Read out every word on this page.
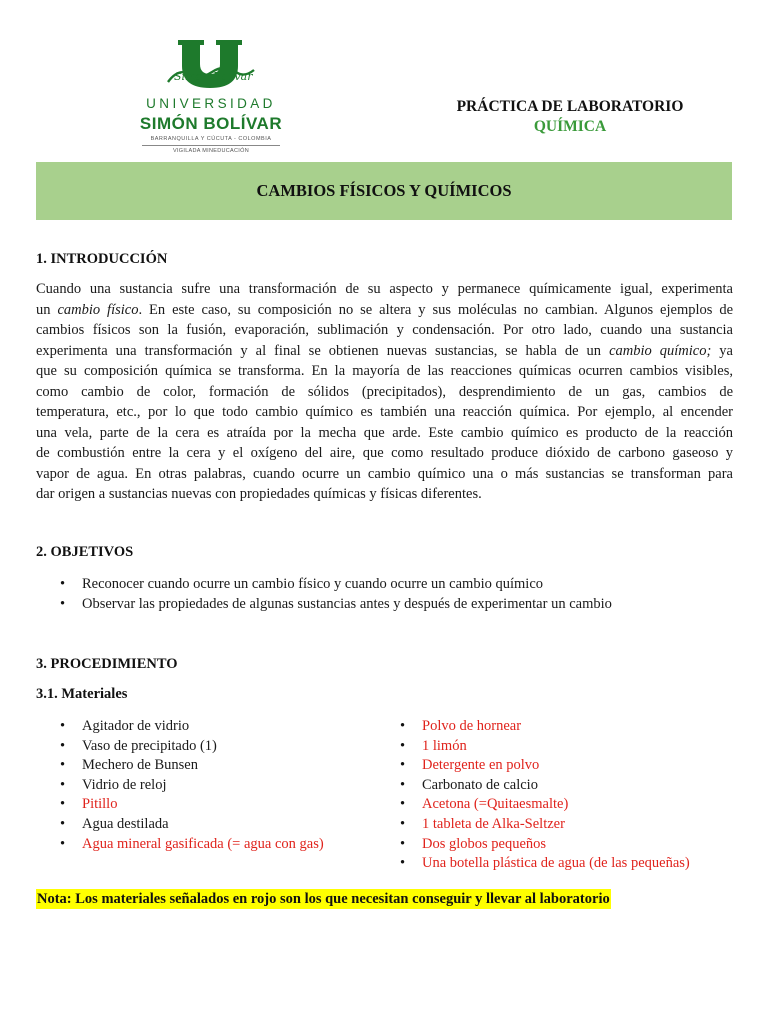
Simon Bolivar
UNIVERSIDAD
SIMÓN BOLÍVAR
BARRANQUILLA Y CÚCUTA - COLOMBIA
VIGILADA MINEDUCACIÓN
PRÁCTICA DE LABORATORIO
QUÍMICA
CAMBIOS FÍSICOS Y QUÍMICOS
1. INTRODUCCIÓN
Cuando una sustancia sufre una transformación de su aspecto y permanece químicamente igual, experimenta
un cambio físico. En este caso, su composición no se altera y sus moléculas no cambian. Algunos ejemplos de
cambios físicos son la fusión, evaporación, sublimación y condensación. Por otro lado, cuando una sustancia
experimenta una transformación y al final se obtienen nuevas sustancias, se habla de un cambio químico; ya
que su composición química se transforma. En la mayoría de las reacciones químicas ocurren cambios visibles,
como cambio de color, formación de sólidos (precipitados), desprendimiento de un gas, cambios de
temperatura, etc., por lo que todo cambio químico es también una reacción química. Por ejemplo, al encender
una vela, parte de la cera es atraída por la mecha que arde. Este cambio químico es producto de la reacción
de combustión entre la cera y el oxígeno del aire, que como resultado produce dióxido de carbono gaseoso y
vapor de agua. En otras palabras, cuando ocurre un cambio químico una o más sustancias se transforman para
dar origen a sustancias nuevas con propiedades químicas y físicas diferentes.
2. OBJETIVOS
• Reconocer cuando ocurre un cambio físico y cuando ocurre un cambio químico
• Observar las propiedades de algunas sustancias antes y después de experimentar un cambio
3. PROCEDIMIENTO
3.1. Materiales
• Agitador de vidrio
• Vaso de precipitado (1)
• Mechero de Bunsen
• Vidrio de reloj
• Pitillo
• Agua destilada
• Agua mineral gasificada (= agua con gas)
• Polvo de hornear
• 1 limón
• Detergente en polvo
• Carbonato de calcio
• Acetona (=Quitaesmalte)
• 1 tableta de Alka-Seltzer
• Dos globos pequeños
• Una botella plástica de agua (de las pequeñas)
Nota: Los materiales señalados en rojo son los que necesitan conseguir y llevar al laboratorio
